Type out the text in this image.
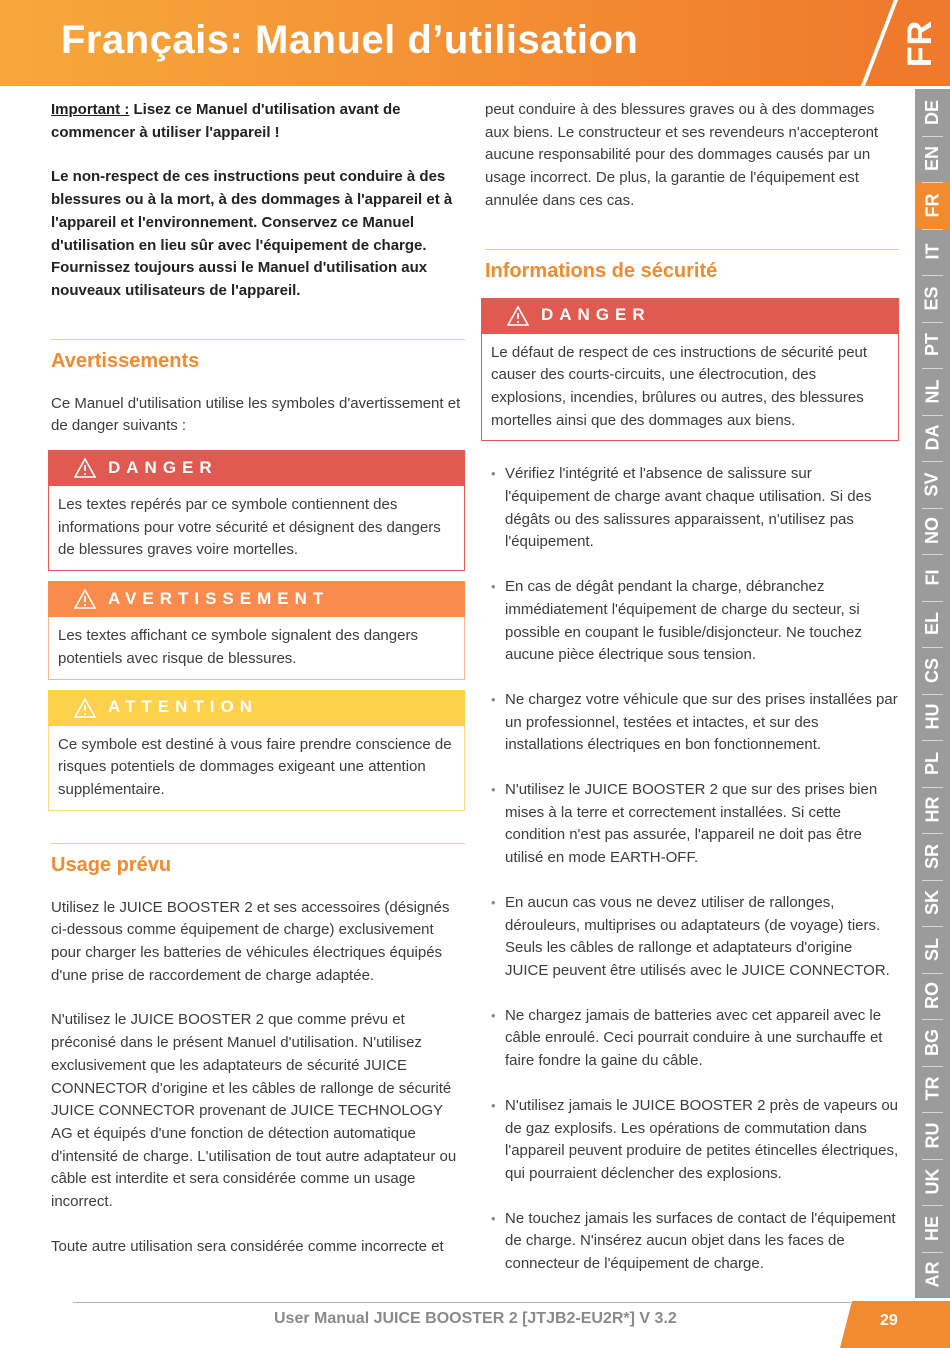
Français: Manuel d’utilisation	FR
DE
EN
FR
IT
ES
PT
NL
DA
SV
NO
FI
EL
CS
HU
PL
HR
SR
SK
SL
RO
BG
TR
RU
UK
HE
AR

Important : Lisez ce Manuel d'utilisation avant de commencer à utiliser l'appareil !

Le non-respect de ces instructions peut conduire à des blessures ou à la mort, à des dommages à l'appareil et à l'appareil et l'environnement. Conservez ce Manuel d'utilisation en lieu sûr avec l'équipement de charge. Fournissez toujours aussi le Manuel d'utilisation aux nouveaux utilisateurs de l'appareil.

Avertissements

Ce Manuel d'utilisation utilise les symboles d'avertissement et de danger suivants :

DANGER
Les textes repérés par ce symbole contiennent des informations pour votre sécurité et désignent des dangers de blessures graves voire mortelles.
AVERTISSEMENT
Les textes affichant ce symbole signalent des dangers potentiels avec risque de blessures.
ATTENTION
Ce symbole est destiné à vous faire prendre conscience de risques potentiels de dommages exigeant une attention supplémentaire.
Usage prévu

Utilisez le JUICE BOOSTER 2 et ses accessoires (désignés ci-dessous comme équipement de charge) exclusivement pour charger les batteries de véhicules électriques équipés d'une prise de raccordement de charge adaptée.

N'utilisez le JUICE BOOSTER 2 que comme prévu et préconisé dans le présent Manuel d'utilisation. N'utilisez exclusivement que les adaptateurs de sécurité JUICE CONNECTOR d'origine et les câbles de rallonge de sécurité JUICE CONNECTOR provenant de JUICE TECHNOLOGY AG et équipés d'une fonction de détection automatique d'intensité de charge. L'utilisation de tout autre adaptateur ou câble est interdite et sera considérée comme un usage incorrect.

Toute autre utilisation sera considérée comme incorrecte et

peut conduire à des blessures graves ou à des dommages aux biens. Le constructeur et ses revendeurs n'accepteront aucune responsabilité pour des dommages causés par un usage incorrect. De plus, la garantie de l'équipement est annulée dans ces cas.

Informations de sécurité
DANGER
Le défaut de respect de ces instructions de sécurité peut causer des courts-circuits, une électrocution, des explosions, incendies, brûlures ou autres, des blessures mortelles ainsi que des dommages aux biens.
• Vérifiez l'intégrité et l'absence de salissure sur l'équipement de charge avant chaque utilisation. Si des dégâts ou des salissures apparaissent, n'utilisez pas l'équipement.
• En cas de dégât pendant la charge, débranchez immédiatement l'équipement de charge du secteur, si possible en coupant le fusible/disjoncteur. Ne touchez aucune pièce électrique sous tension.
• Ne chargez votre véhicule que sur des prises installées par un professionnel, testées et intactes, et sur des installations électriques en bon fonctionnement.
• N'utilisez le JUICE BOOSTER 2 que sur des prises bien mises à la terre et correctement installées. Si cette condition n'est pas assurée, l'appareil ne doit pas être utilisé en mode EARTH-OFF.
• En aucun cas vous ne devez utiliser de rallonges, dérouleurs, multiprises ou adaptateurs (de voyage) tiers. Seuls les câbles de rallonge et adaptateurs d'origine JUICE peuvent être utilisés avec le JUICE CONNECTOR.
• Ne chargez jamais de batteries avec cet appareil avec le câble enroulé. Ceci pourrait conduire à une surchauffe et faire fondre la gaine du câble.
• N'utilisez jamais le JUICE BOOSTER 2 près de vapeurs ou de gaz explosifs. Les opérations de commutation dans l'appareil peuvent produire de petites étincelles électriques, qui pourraient déclencher des explosions.
• Ne touchez jamais les surfaces de contact de l'équipement de charge. N'insérez aucun objet dans les faces de connecteur de l'équipement de charge.
User Manual JUICE BOOSTER 2 [JTJB2-EU2R*] V 3.2	29
